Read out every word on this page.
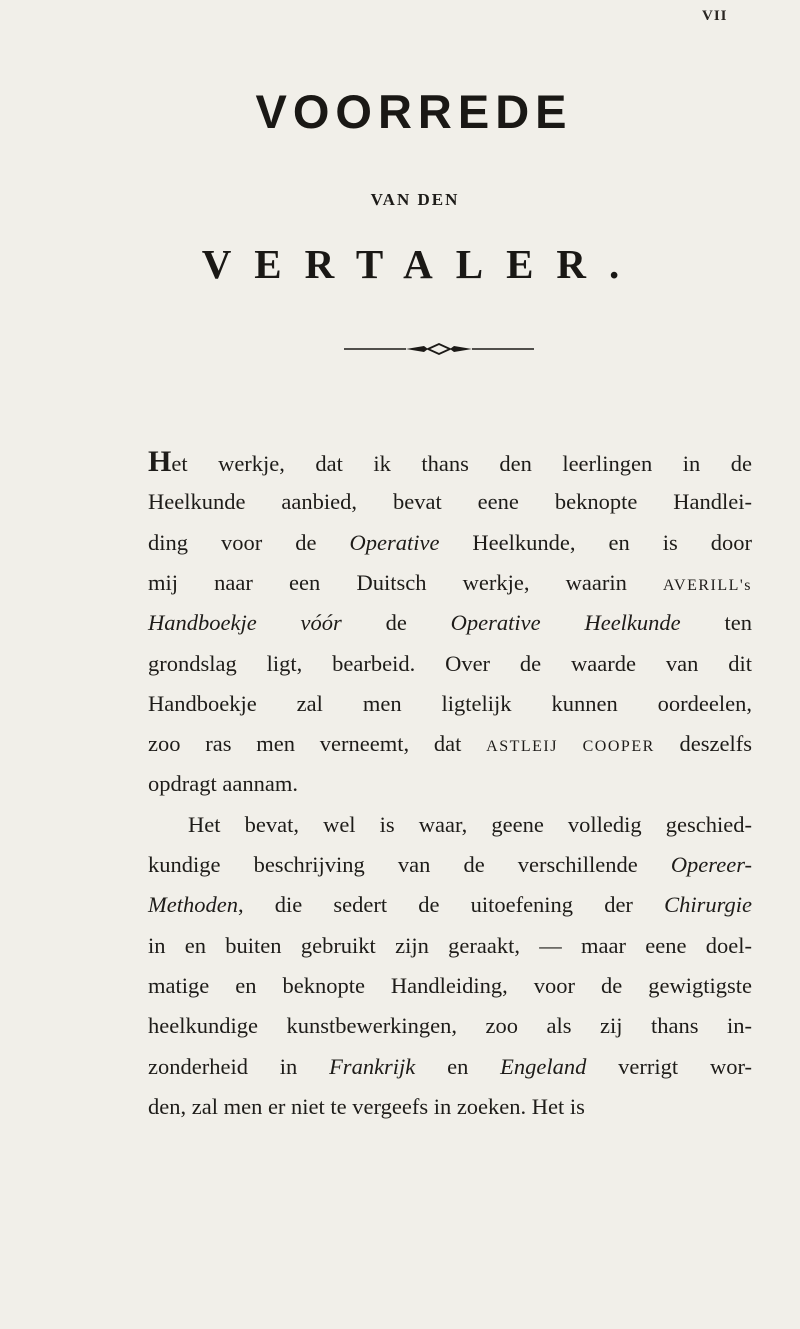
VII
VOORREDE
VAN DEN
VERTALER.
Het werkje, dat ik thans den leerlingen in de
Heelkunde aanbied, bevat eene beknopte Handlei-
ding voor de Operative Heelkunde, en is door
mij naar een Duitsch werkje, waarin AVERILL's
Handboekje vóór de Operative Heelkunde ten
grondslag ligt, bearbeid. Over de waarde van dit
Handboekje zal men ligtelijk kunnen oordeelen,
zoo ras men verneemt, dat ASTLEIJ COOPER deszelfs
opdragt aannam.
Het bevat, wel is waar, geene volledig geschied-
kundige beschrijving van de verschillende Opereer-
Methoden, die sedert de uitoefening der Chirurgie
in en buiten gebruikt zijn geraakt, — maar eene doel-
matige en beknopte Handleiding, voor de gewigtigste
heelkundige kunstbewerkingen, zoo als zij thans in-
zonderheid in Frankrijk en Engeland verrigt wor-
den, zal men er niet te vergeefs in zoeken. Het is
